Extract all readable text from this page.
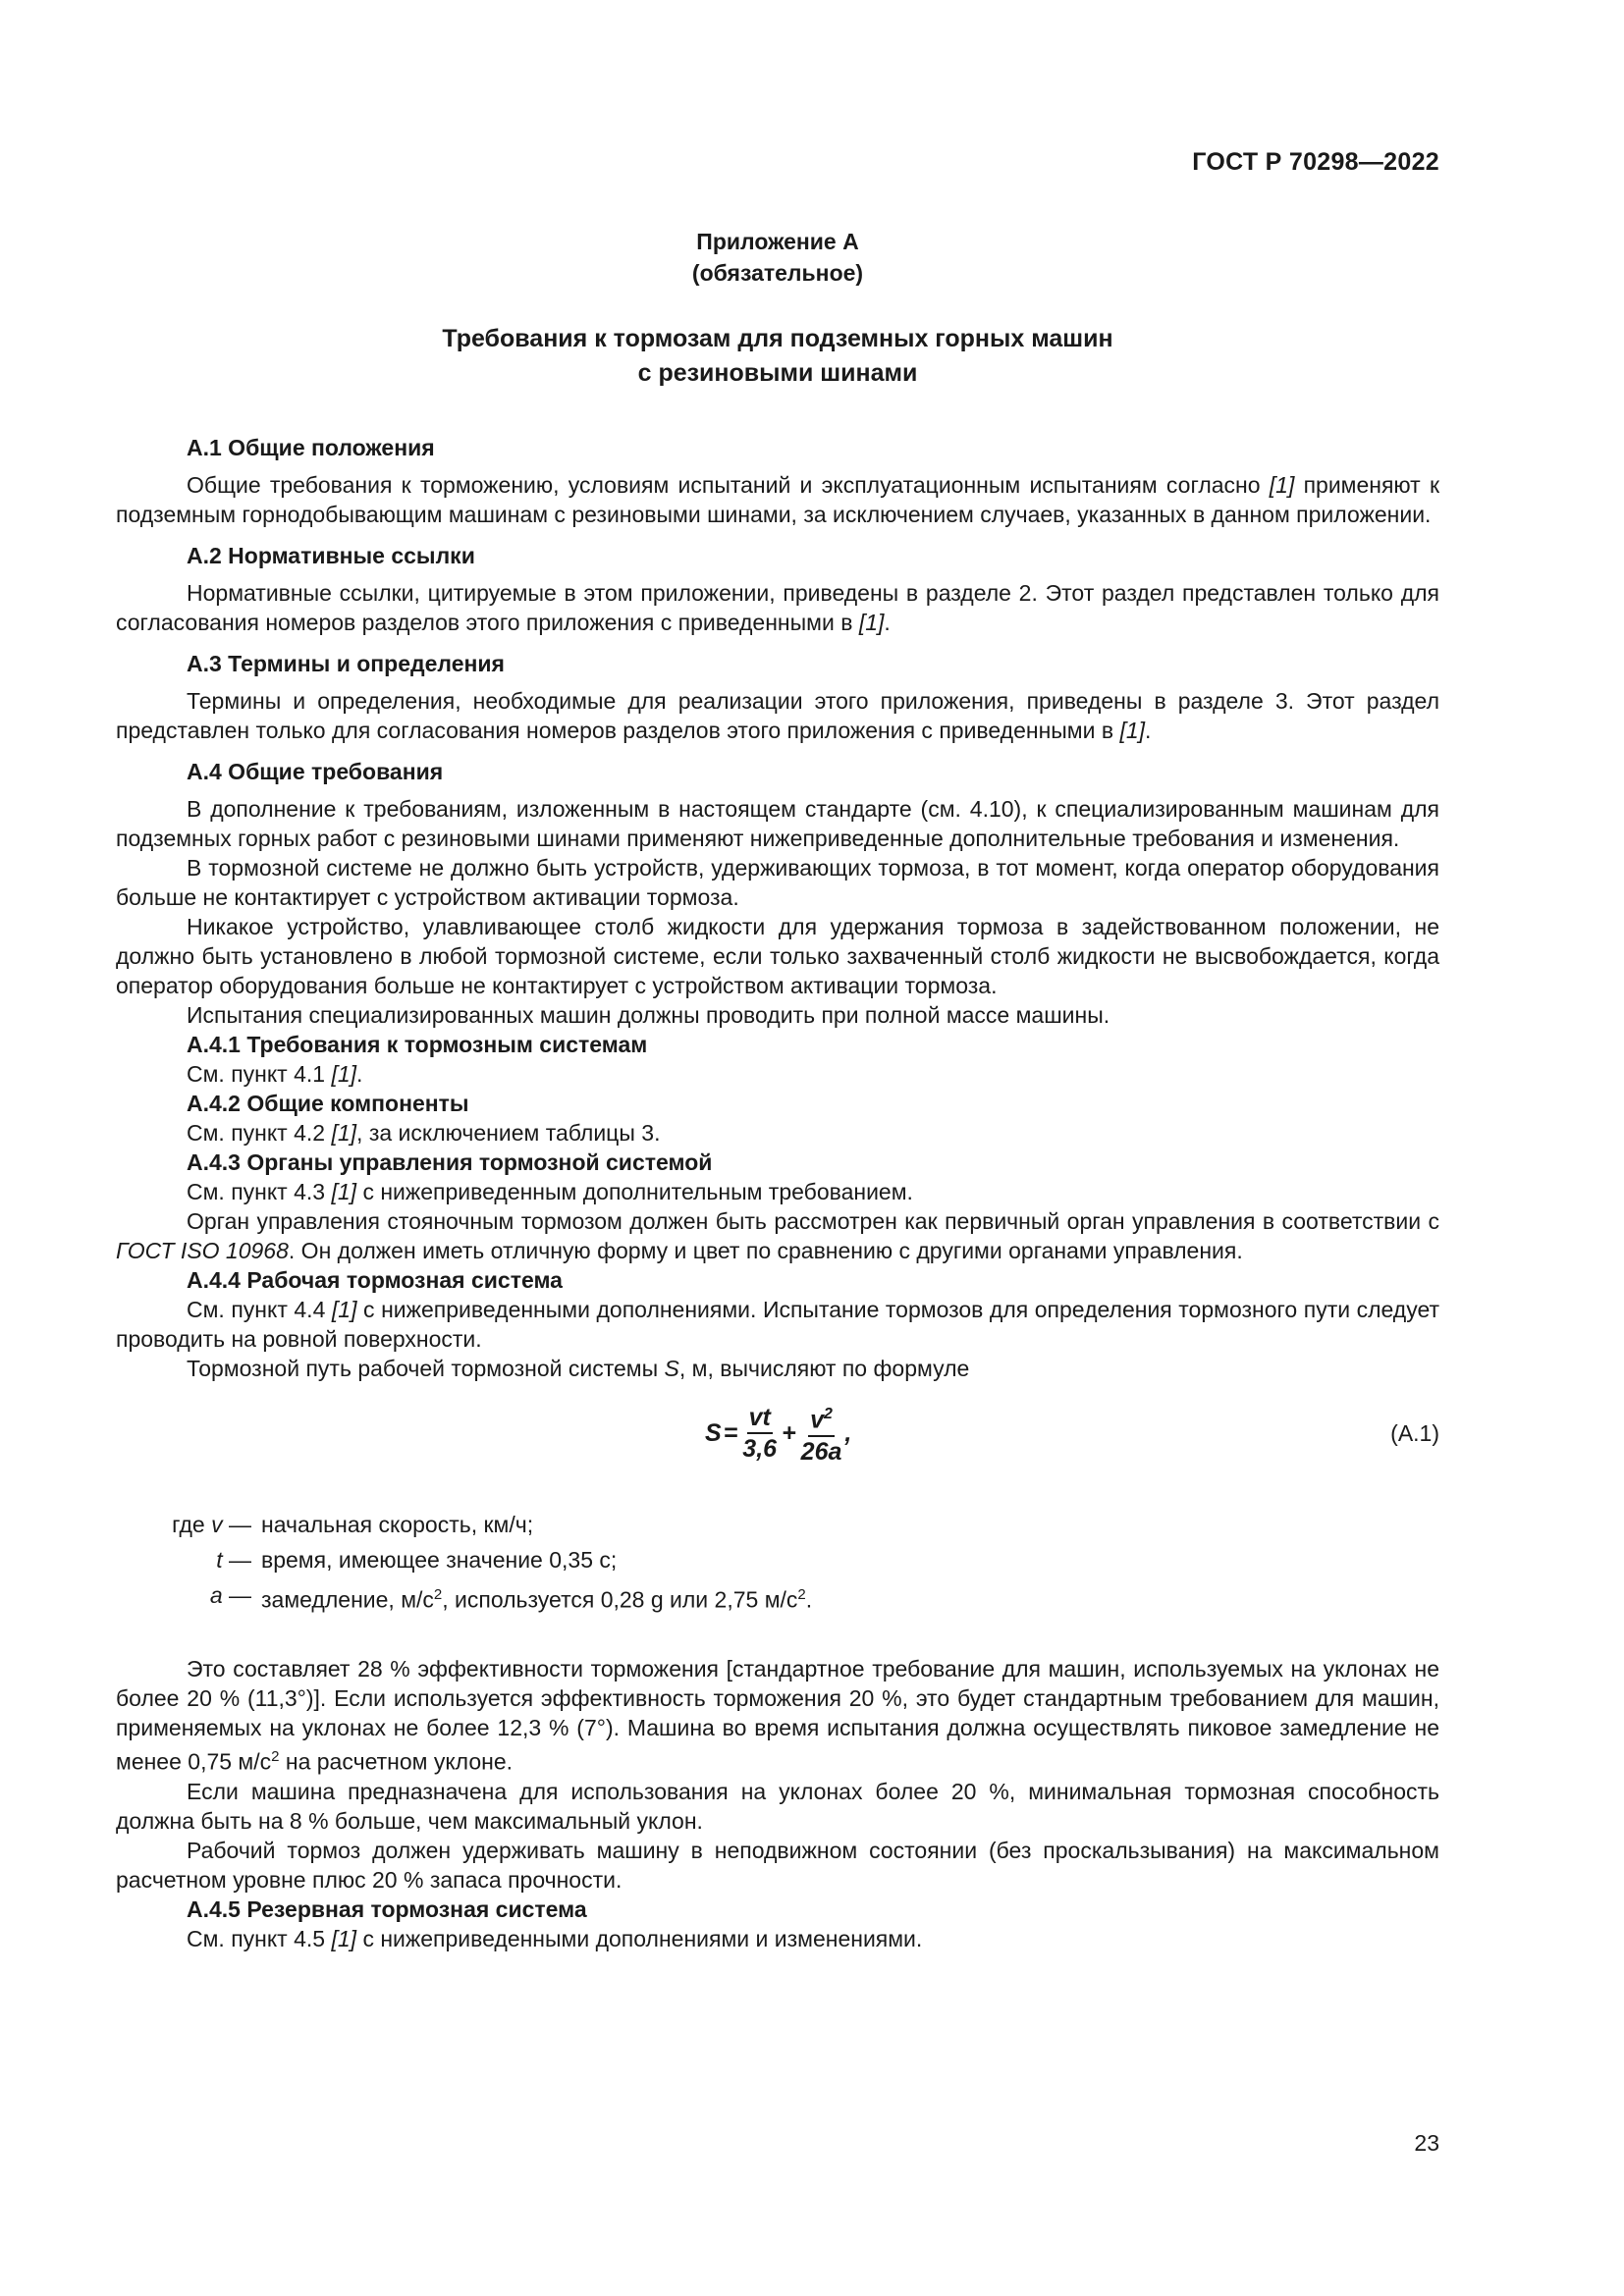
ГОСТ Р 70298—2022
Приложение А
(обязательное)
Требования к тормозам для подземных горных машин
с резиновыми шинами

А.1 Общие положения

Общие требования к торможению, условиям испытаний и эксплуатационным испытаниям согласно [1] применяют к подземным горнодобывающим машинам с резиновыми шинами, за исключением случаев, указанных в данном приложении.

А.2 Нормативные ссылки

Нормативные ссылки, цитируемые в этом приложении, приведены в разделе 2. Этот раздел представлен только для согласования номеров разделов этого приложения с приведенными в [1].

А.3 Термины и определения

Термины и определения, необходимые для реализации этого приложения, приведены в разделе 3. Этот раздел представлен только для согласования номеров разделов этого приложения с приведенными в [1].

А.4 Общие требования

В дополнение к требованиям, изложенным в настоящем стандарте (см. 4.10), к специализированным машинам для подземных горных работ с резиновыми шинами применяют нижеприведенные дополнительные требования и изменения.

В тормозной системе не должно быть устройств, удерживающих тормоза, в тот момент, когда оператор оборудования больше не контактирует с устройством активации тормоза.

Никакое устройство, улавливающее столб жидкости для удержания тормоза в задействованном положении, не должно быть установлено в любой тормозной системе, если только захваченный столб жидкости не высвобождается, когда оператор оборудования больше не контактирует с устройством активации тормоза.

Испытания специализированных машин должны проводить при полной массе машины.

А.4.1 Требования к тормозным системам

См. пункт 4.1 [1].

А.4.2 Общие компоненты

См. пункт 4.2 [1], за исключением таблицы 3.

А.4.3 Органы управления тормозной системой

См. пункт 4.3 [1] с нижеприведенным дополнительным требованием.

Орган управления стояночным тормозом должен быть рассмотрен как первичный орган управления в соответствии с ГОСТ ISO 10968. Он должен иметь отличную форму и цвет по сравнению с другими органами управления.

А.4.4 Рабочая тормозная система

См. пункт 4.4 [1] с нижеприведенными дополнениями. Испытание тормозов для определения тормозного пути следует проводить на ровной поверхности.

Тормозной путь рабочей тормозной системы S, м, вычисляют по формуле

$S = \frac{vt}{3,6} + \frac{v^2}{26a}$ ,	(А.1)
где v — начальная скорость, км/ч;
t — время, имеющее значение 0,35 с;
a — замедление, $м/с^2$, используется 0,28 g или 2,75 $м/с^2$.

Это составляет 28 % эффективности торможения [стандартное требование для машин, используемых на уклонах не более 20 % (11,3°)]. Если используется эффективность торможения 20 %, это будет стандартным требованием для машин, применяемых на уклонах не более 12,3 % (7°). Машина во время испытания должна осуществлять пиковое замедление не менее 0,75 $м/с^2$ на расчетном уклоне.

Если машина предназначена для использования на уклонах более 20 %, минимальная тормозная способность должна быть на 8 % больше, чем максимальный уклон.

Рабочий тормоз должен удерживать машину в неподвижном состоянии (без проскальзывания) на максимальном расчетном уровне плюс 20 % запаса прочности.

А.4.5 Резервная тормозная система

См. пункт 4.5 [1] с нижеприведенными дополнениями и изменениями.

23
